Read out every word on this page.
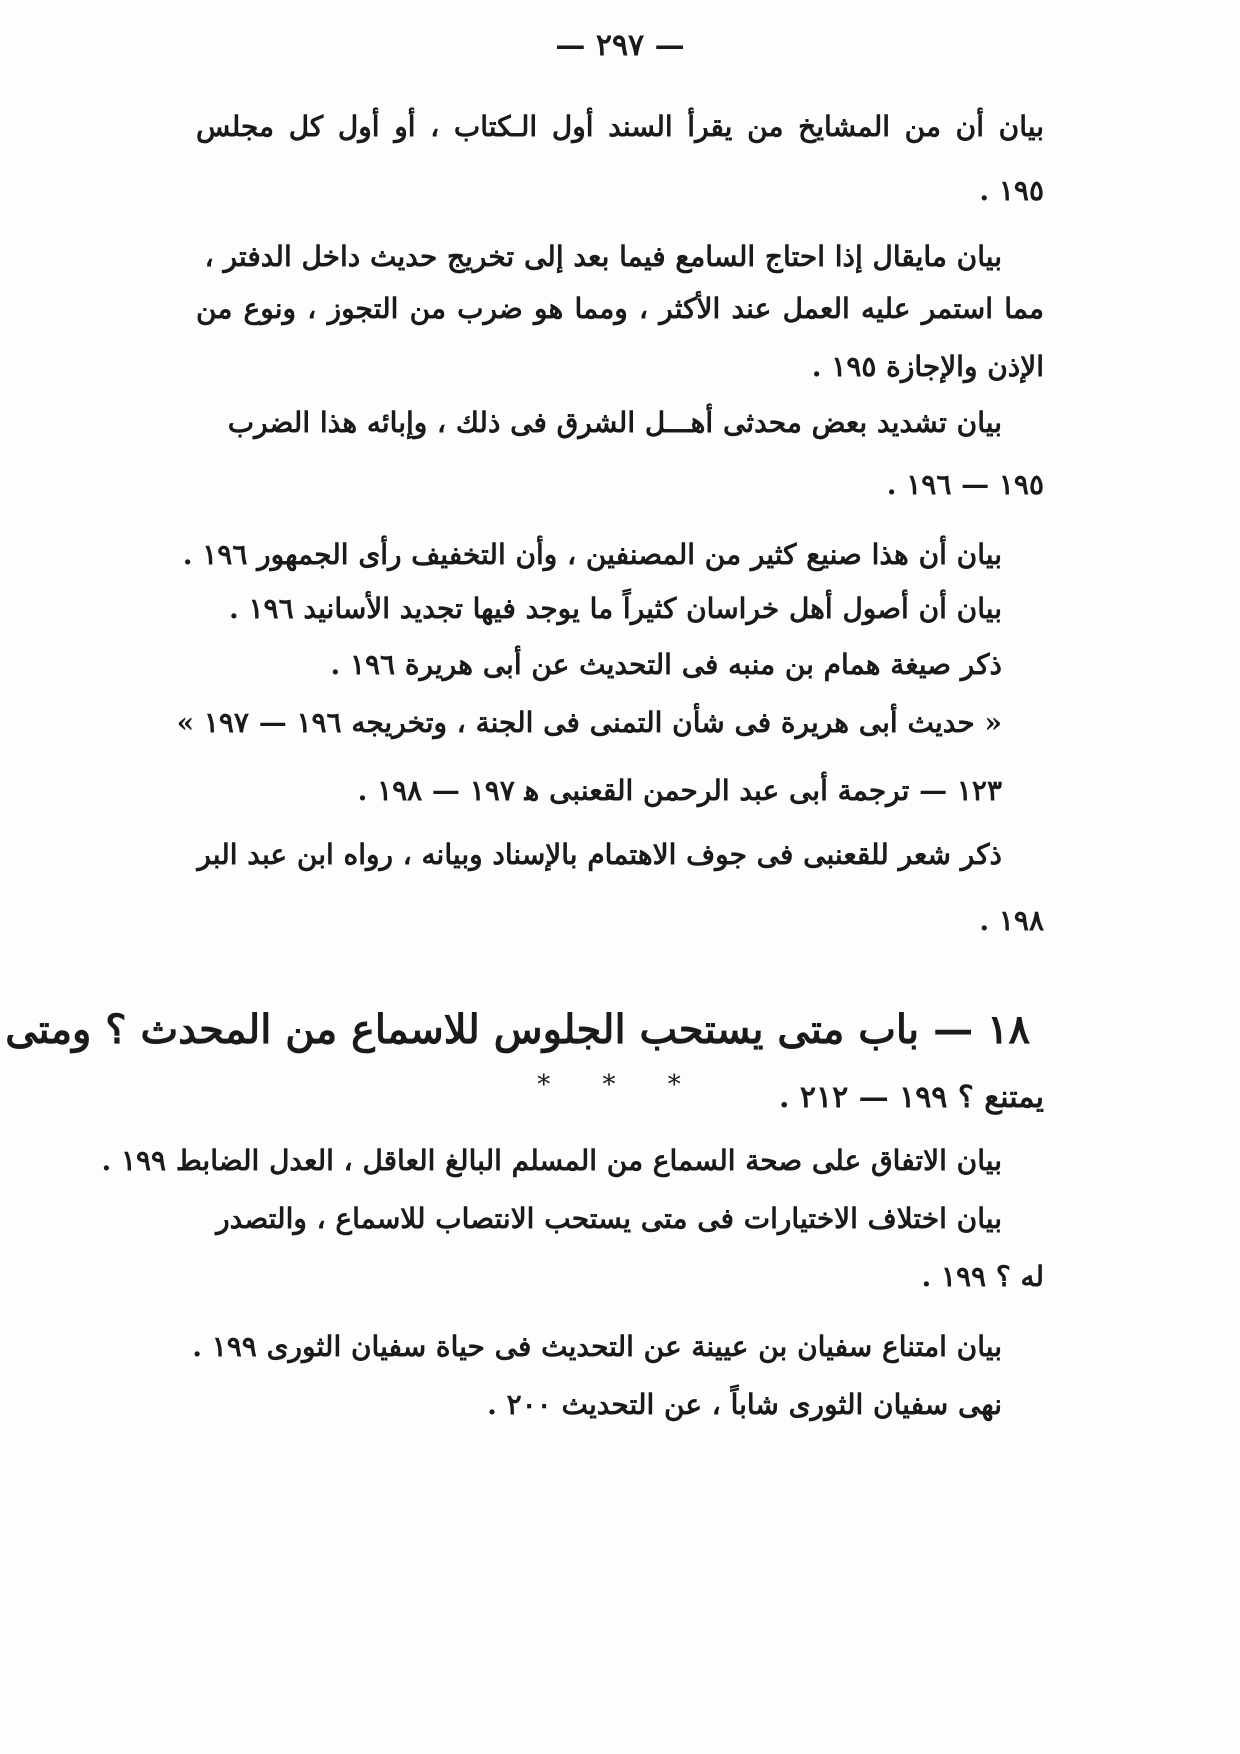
— ٢٩٧ —
بيان أن من المشايخ من يقرأ السند أول الـكتاب ، أو أول كل مجلس
١٩٥ .
بيان مايقال إذا احتاج السامع فيما بعد إلى تخريج حديث داخل الدفتر ،
مما استمر عليه العمل عند الأكثر ، ومما هو ضرب من التجوز ، ونوع من
الإذن والإجازة ١٩٥ .
بيان تشديد بعض محدثى أهـــل الشرق فى ذلك ، وإبائه هذا الضرب
١٩٥ — ١٩٦ .
بيان أن هذا صنيع كثير من المصنفين ، وأن التخفيف رأى الجمهور ١٩٦ .
بيان أن أصول أهل خراسان كثيراً ما يوجد فيها تجديد الأسانيد ١٩٦ .
ذكر صيغة همام بن منبه فى التحديث عن أبى هريرة ١٩٦ .
« حديث أبى هريرة فى شأن التمنى فى الجنة ، وتخريجه ١٩٦ — ١٩٧ »
١٢٣ — ترجمة أبى عبد الرحمن القعنبى ﻫ ١٩٧ — ١٩٨ .
ذكر شعر للقعنبى فى جوف الاهتمام بالإسناد وبيانه ، رواه ابن عبد البر
١٩٨ .
* * *
١٨ — باب متى يستحب الجلوس للاسماع من المحدث ؟ ومتى
يمتنع ؟ ١٩٩ — ٢١٢ .
بيان الاتفاق على صحة السماع من المسلم البالغ العاقل ، العدل الضابط ١٩٩ .
بيان اختلاف الاختيارات فى متى يستحب الانتصاب للاسماع ، والتصدر
له ؟ ١٩٩ .
بيان امتناع سفيان بن عيينة عن التحديث فى حياة سفيان الثورى ١٩٩ .
نهى سفيان الثورى شاباً ، عن التحديث ٢٠٠ .
